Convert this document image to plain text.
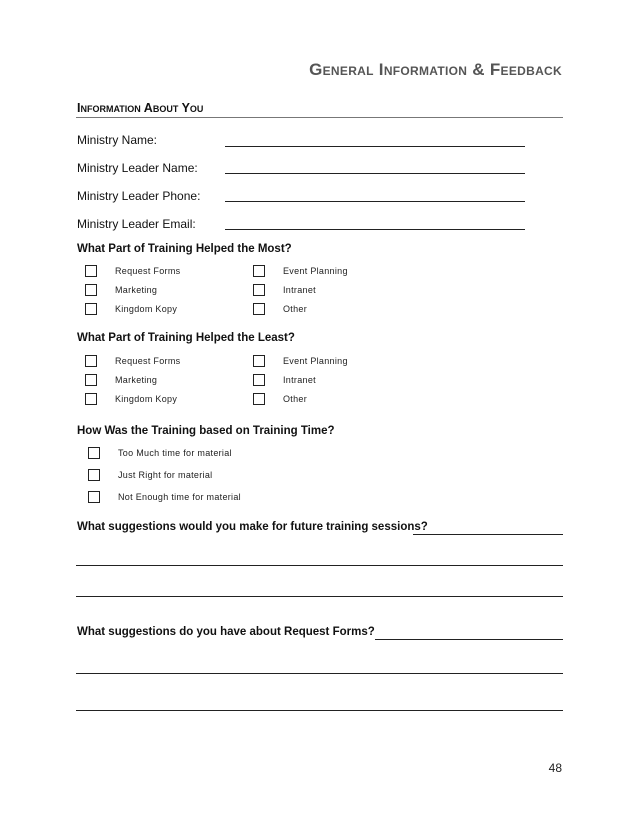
General Information & Feedback
Information About You
Ministry Name:
Ministry Leader Name:
Ministry Leader Phone:
Ministry Leader Email:
What Part of Training Helped the Most?
Request Forms	Event Planning
Marketing	Intranet
Kingdom Kopy	Other
What Part of Training Helped the Least?
Request Forms	Event Planning
Marketing	Intranet
Kingdom Kopy	Other
How Was the Training based on Training Time?
Too Much time for material
Just Right for material
Not Enough time for material
What suggestions would you make for future training sessions?
What suggestions do you have about Request Forms?
48
